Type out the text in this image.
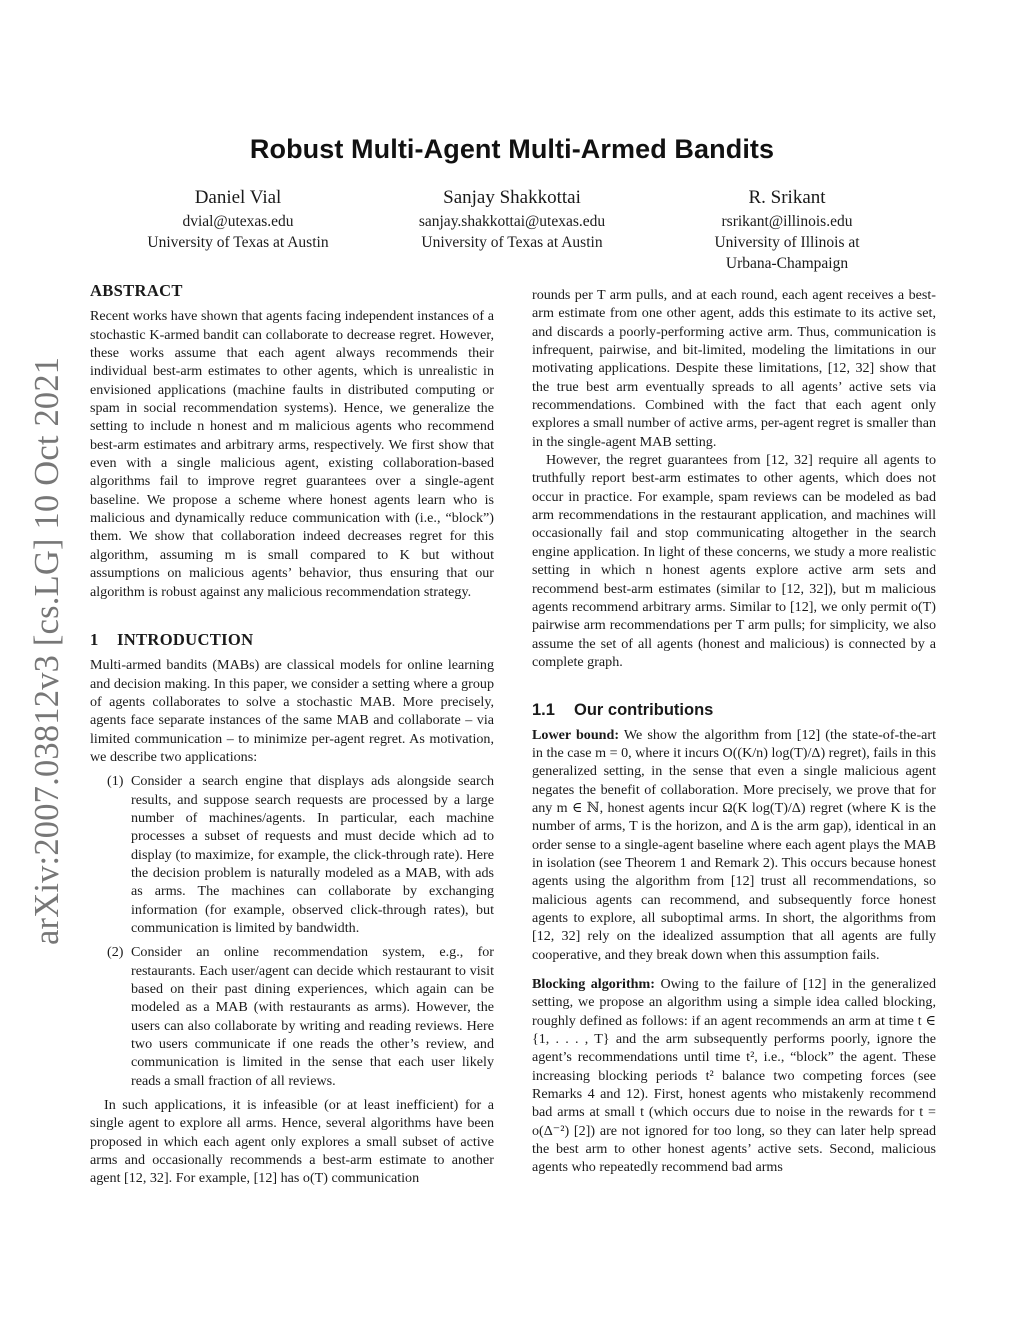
arXiv:2007.03812v3 [cs.LG] 10 Oct 2021
Robust Multi-Agent Multi-Armed Bandits
Daniel Vial
dvial@utexas.edu
University of Texas at Austin
Sanjay Shakkottai
sanjay.shakkottai@utexas.edu
University of Texas at Austin
R. Srikant
rsrikant@illinois.edu
University of Illinois at Urbana-Champaign
ABSTRACT

Recent works have shown that agents facing independent instances of a stochastic K-armed bandit can collaborate to decrease regret. However, these works assume that each agent always recommends their individual best-arm estimates to other agents, which is unrealistic in envisioned applications (machine faults in distributed computing or spam in social recommendation systems). Hence, we generalize the setting to include n honest and m malicious agents who recommend best-arm estimates and arbitrary arms, respectively. We first show that even with a single malicious agent, existing collaboration-based algorithms fail to improve regret guarantees over a single-agent baseline. We propose a scheme where honest agents learn who is malicious and dynamically reduce communication with (i.e., “block”) them. We show that collaboration indeed decreases regret for this algorithm, assuming m is small compared to K but without assumptions on malicious agents’ behavior, thus ensuring that our algorithm is robust against any malicious recommendation strategy.

1 INTRODUCTION

Multi-armed bandits (MABs) are classical models for online learning and decision making. In this paper, we consider a setting where a group of agents collaborates to solve a stochastic MAB. More precisely, agents face separate instances of the same MAB and collaborate – via limited communication – to minimize per-agent regret. As motivation, we describe two applications:

(1) Consider a search engine that displays ads alongside search results, and suppose search requests are processed by a large number of machines/agents. In particular, each machine processes a subset of requests and must decide which ad to display (to maximize, for example, the click-through rate). Here the decision problem is naturally modeled as a MAB, with ads as arms. The machines can collaborate by exchanging information (for example, observed click-through rates), but communication is limited by bandwidth.
(2) Consider an online recommendation system, e.g., for restaurants. Each user/agent can decide which restaurant to visit based on their past dining experiences, which again can be modeled as a MAB (with restaurants as arms). However, the users can also collaborate by writing and reading reviews. Here two users communicate if one reads the other’s review, and communication is limited in the sense that each user likely reads a small fraction of all reviews.

In such applications, it is infeasible (or at least inefficient) for a single agent to explore all arms. Hence, several algorithms have been proposed in which each agent only explores a small subset of active arms and occasionally recommends a best-arm estimate to another agent [12, 32]. For example, [12] has o(T) communication

rounds per T arm pulls, and at each round, each agent receives a best-arm estimate from one other agent, adds this estimate to its active set, and discards a poorly-performing active arm. Thus, communication is infrequent, pairwise, and bit-limited, modeling the limitations in our motivating applications. Despite these limitations, [12, 32] show that the true best arm eventually spreads to all agents’ active sets via recommendations. Combined with the fact that each agent only explores a small number of active arms, per-agent regret is smaller than in the single-agent MAB setting.

However, the regret guarantees from [12, 32] require all agents to truthfully report best-arm estimates to other agents, which does not occur in practice. For example, spam reviews can be modeled as bad arm recommendations in the restaurant application, and machines will occasionally fail and stop communicating altogether in the search engine application. In light of these concerns, we study a more realistic setting in which n honest agents explore active arm sets and recommend best-arm estimates (similar to [12, 32]), but m malicious agents recommend arbitrary arms. Similar to [12], we only permit o(T) pairwise arm recommendations per T arm pulls; for simplicity, we also assume the set of all agents (honest and malicious) is connected by a complete graph.

1.1 Our contributions

Lower bound: We show the algorithm from [12] (the state-of-the-art in the case m = 0, where it incurs O((K/n) log(T)/Δ) regret), fails in this generalized setting, in the sense that even a single malicious agent negates the benefit of collaboration. More precisely, we prove that for any m ∈ ℕ, honest agents incur Ω(K log(T)/Δ) regret (where K is the number of arms, T is the horizon, and Δ is the arm gap), identical in an order sense to a single-agent baseline where each agent plays the MAB in isolation (see Theorem 1 and Remark 2). This occurs because honest agents using the algorithm from [12] trust all recommendations, so malicious agents can recommend, and subsequently force honest agents to explore, all suboptimal arms. In short, the algorithms from [12, 32] rely on the idealized assumption that all agents are fully cooperative, and they break down when this assumption fails.

Blocking algorithm: Owing to the failure of [12] in the generalized setting, we propose an algorithm using a simple idea called blocking, roughly defined as follows: if an agent recommends an arm at time t ∈ {1, . . . , T} and the arm subsequently performs poorly, ignore the agent’s recommendations until time t², i.e., “block” the agent. These increasing blocking periods t² balance two competing forces (see Remarks 4 and 12). First, honest agents who mistakenly recommend bad arms at small t (which occurs due to noise in the rewards for t = o(Δ⁻²) [2]) are not ignored for too long, so they can later help spread the best arm to other honest agents’ active sets. Second, malicious agents who repeatedly recommend bad arms
